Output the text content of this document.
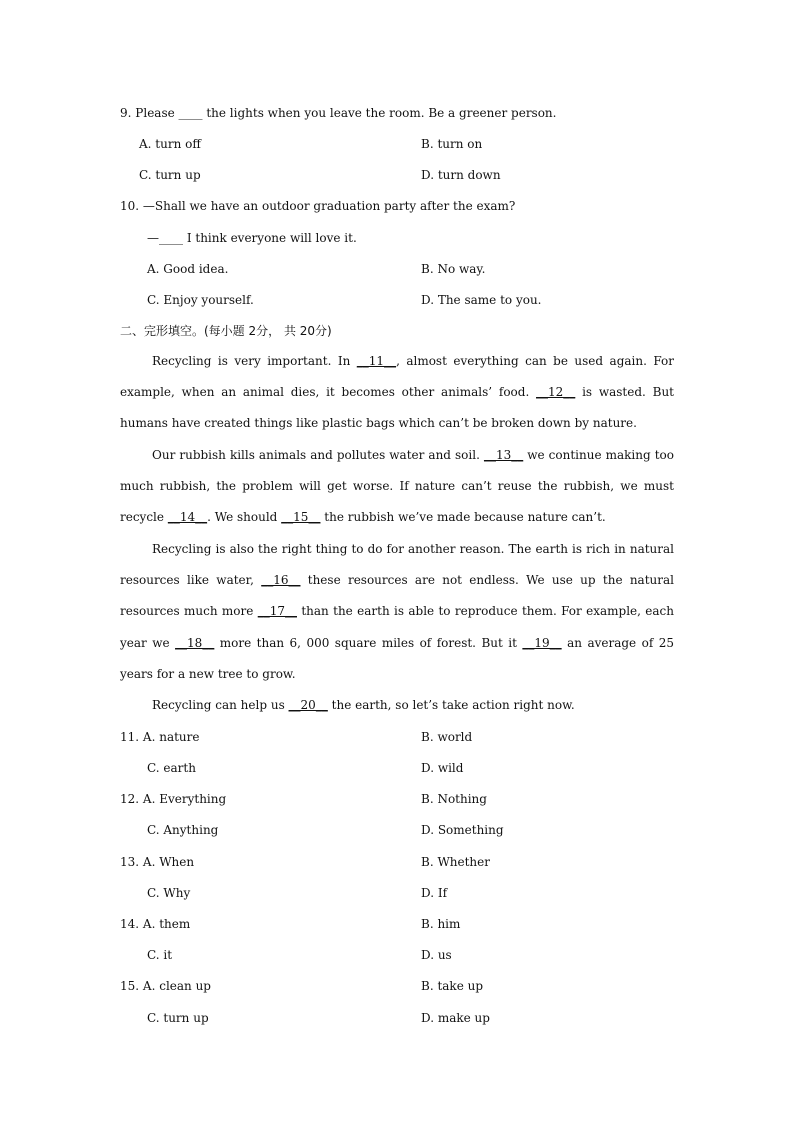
9. Please ____ the lights when you leave the room. Be a greener person.
A. turn off	B. turn on
C. turn up	D. turn down
10. —Shall we have an outdoor graduation party after the exam?
—____ I think everyone will love it.
A. Good idea.	B. No way.
C. Enjoy yourself.	D. The same to you.
二、完形填空。(每小题 2分， 共 20分)
Recycling is very important. In __11__, almost everything can be used again. For example, when an animal dies, it becomes other animals’ food. __12__ is wasted. But humans have created things like plastic bags which can’t be broken down by nature.
Our rubbish kills animals and pollutes water and soil. __13__ we continue making too much rubbish, the problem will get worse. If nature can’t reuse the rubbish, we must recycle __14__. We should __15__ the rubbish we’ve made because nature can’t.
Recycling is also the right thing to do for another reason. The earth is rich in natural resources like water, __16__ these resources are not endless. We use up the natural resources much more __17__ than the earth is able to reproduce them. For example, each year we __18__ more than 6, 000 square miles of forest. But it __19__ an average of 25 years for a new tree to grow.
Recycling can help us __20__ the earth, so let’s take action right now.
11. A. nature	B. world
C. earth	D. wild
12. A. Everything	B. Nothing
C. Anything	D. Something
13. A. When	B. Whether
C. Why	D. If
14. A. them	B. him
C. it	D. us
15. A. clean up	B. take up
C. turn up	D. make up
